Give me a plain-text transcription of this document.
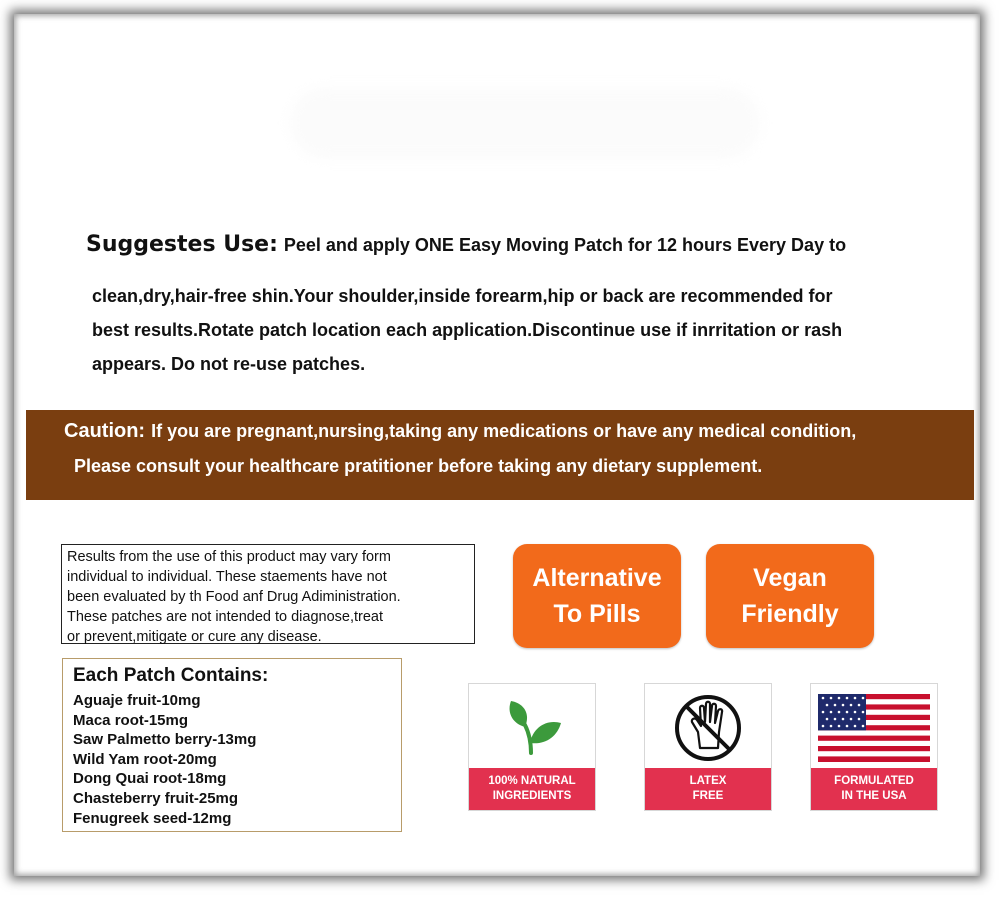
Suggestes Use: Peel and apply ONE Easy Moving Patch for 12 hours Every Day to
clean,dry,hair-free shin.Your shoulder,inside forearm,hip or back are recommended for
best results.Rotate patch location each application.Discontinue use if inrritation or rash
appears. Do not re-use patches.
Caution: If you are pregnant,nursing,taking any medications or have any medical condition,
Please consult your healthcare pratitioner before taking any dietary supplement.
Results from the use of this product may vary form
individual to individual. These staements have not
been evaluated by th Food anf Drug Adiministration.
These patches are not intended to diagnose,treat
or prevent,mitigate or cure any disease.
Each Patch Contains:
Aguaje fruit-10mg
Maca root-15mg
Saw Palmetto berry-13mg
Wild Yam root-20mg
Dong Quai root-18mg
Chasteberry fruit-25mg
Fenugreek seed-12mg
Alternative
To Pills
Vegan
Friendly
100% NATURAL
INGREDIENTS
LATEX
FREE
FORMULATED
IN THE USA
